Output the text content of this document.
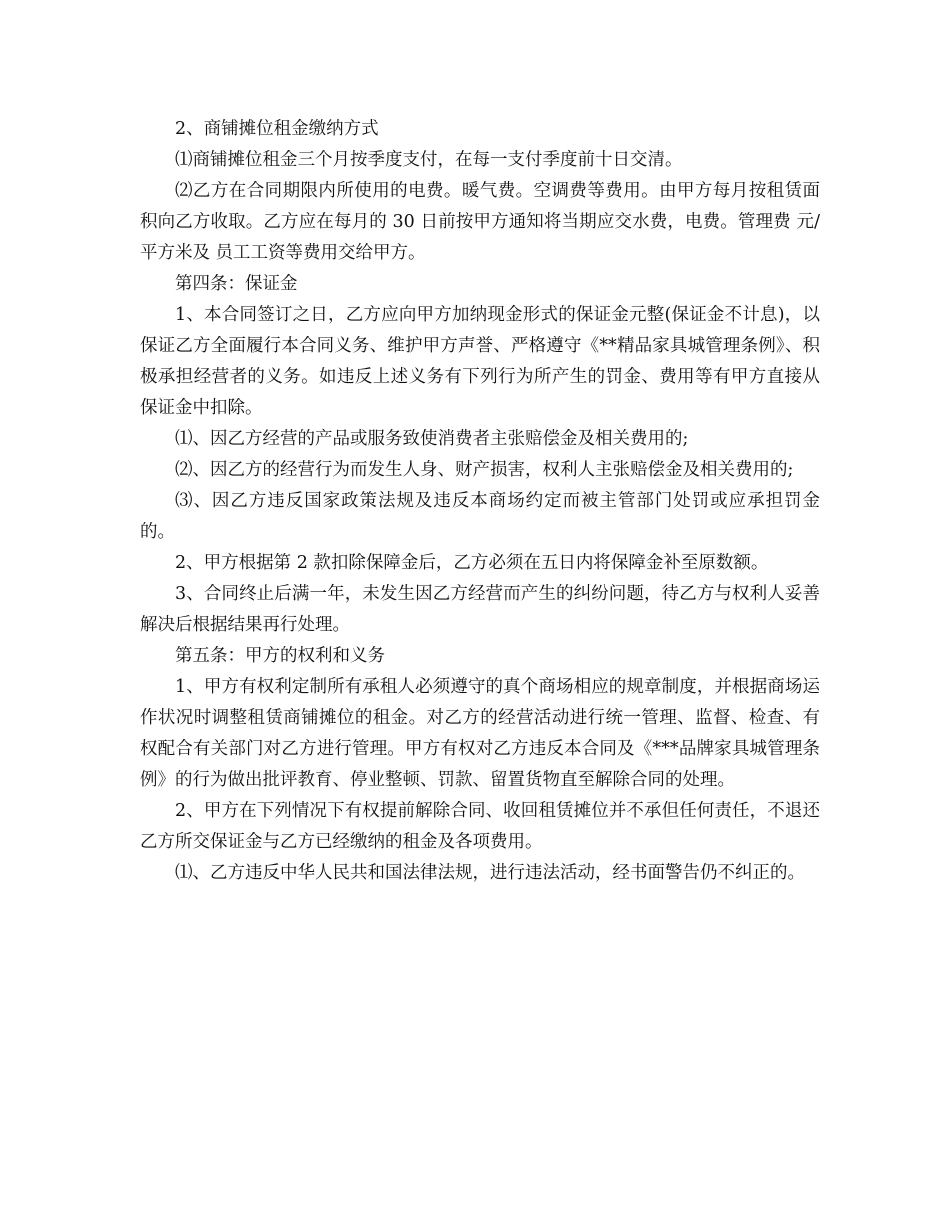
2、商铺摊位租金缴纳方式

⑴商铺摊位租金三个月按季度支付，在每一支付季度前十日交清。

⑵乙方在合同期限内所使用的电费。暖气费。空调费等费用。由甲方每月按租赁面积向乙方收取。乙方应在每月的 30 日前按甲方通知将当期应交水费，电费。管理费 元/平方米及 员工工资等费用交给甲方。

第四条：保证金

1、本合同签订之日，乙方应向甲方加纳现金形式的保证金元整(保证金不计息)，以保证乙方全面履行本合同义务、维护甲方声誉、严格遵守《**精品家具城管理条例》、积极承担经营者的义务。如违反上述义务有下列行为所产生的罚金、费用等有甲方直接从保证金中扣除。

⑴、因乙方经营的产品或服务致使消费者主张赔偿金及相关费用的;

⑵、因乙方的经营行为而发生人身、财产损害，权利人主张赔偿金及相关费用的;

⑶、因乙方违反国家政策法规及违反本商场约定而被主管部门处罚或应承担罚金的。

2、甲方根据第 2 款扣除保障金后，乙方必须在五日内将保障金补至原数额。

3、合同终止后满一年，未发生因乙方经营而产生的纠纷问题，待乙方与权利人妥善解决后根据结果再行处理。

第五条：甲方的权利和义务

1、甲方有权利定制所有承租人必须遵守的真个商场相应的规章制度，并根据商场运作状况时调整租赁商铺摊位的租金。对乙方的经营活动进行统一管理、监督、检查、有权配合有关部门对乙方进行管理。甲方有权对乙方违反本合同及《***品牌家具城管理条例》的行为做出批评教育、停业整顿、罚款、留置货物直至解除合同的处理。

2、甲方在下列情况下有权提前解除合同、收回租赁摊位并不承但任何责任，不退还乙方所交保证金与乙方已经缴纳的租金及各项费用。

⑴、乙方违反中华人民共和国法律法规，进行违法活动，经书面警告仍不纠正的。
